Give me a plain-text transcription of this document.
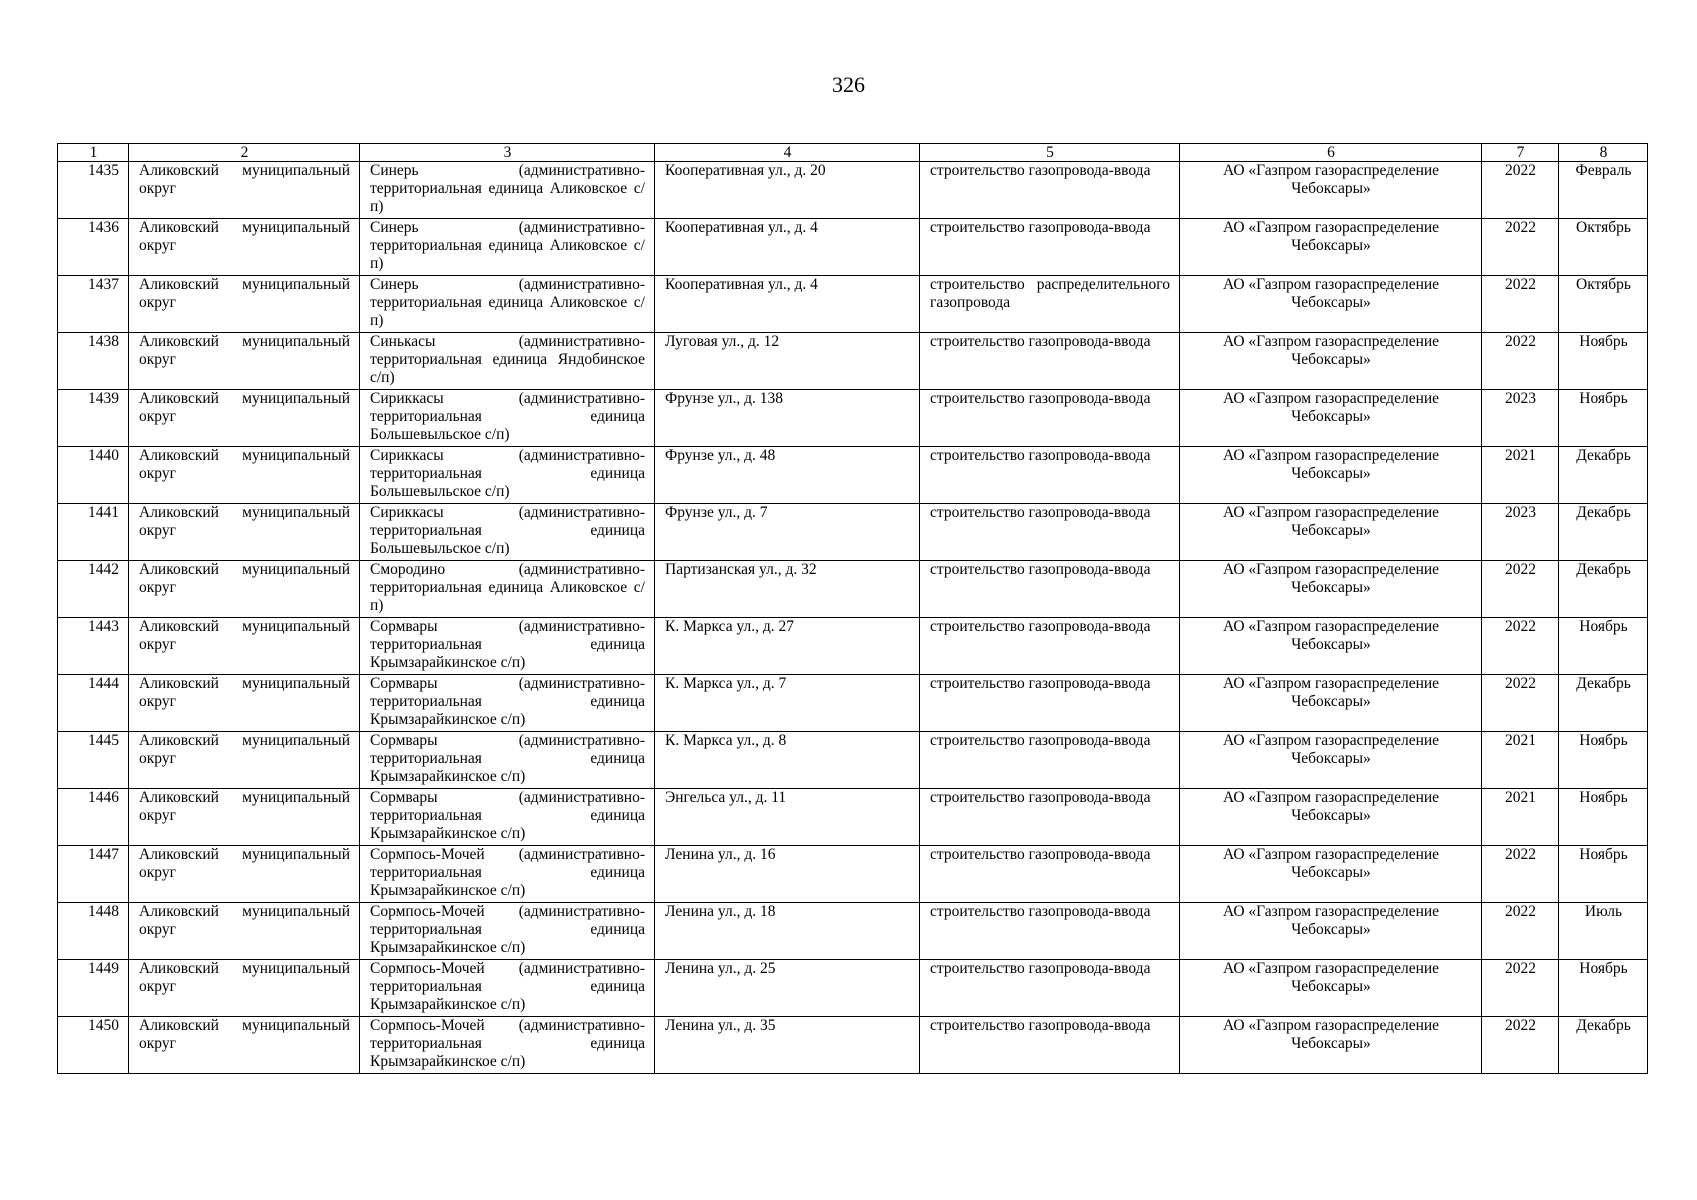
326
1	2	3	4	5	6	7	8
1435	Аликовский муниципальный округ	Синерь (административно-территориальная единица Аликовское с/п)	Кооперативная ул., д. 20	строительство газопровода-ввода	АО «Газпром газораспределение Чебоксары»	2022	Февраль
1436	Аликовский муниципальный округ	Синерь (административно-территориальная единица Аликовское с/п)	Кооперативная ул., д. 4	строительство газопровода-ввода	АО «Газпром газораспределение Чебоксары»	2022	Октябрь
1437	Аликовский муниципальный округ	Синерь (административно-территориальная единица Аликовское с/п)	Кооперативная ул., д. 4	строительство распределительного газопровода	АО «Газпром газораспределение Чебоксары»	2022	Октябрь
1438	Аликовский муниципальный округ	Синькасы (административно-территориальная единица Яндобинское с/п)	Луговая ул., д. 12	строительство газопровода-ввода	АО «Газпром газораспределение Чебоксары»	2022	Ноябрь
1439	Аликовский муниципальный округ	Сириккасы (административно-территориальная единица Большевыльское с/п)	Фрунзе ул., д. 138	строительство газопровода-ввода	АО «Газпром газораспределение Чебоксары»	2023	Ноябрь
1440	Аликовский муниципальный округ	Сириккасы (административно-территориальная единица Большевыльское с/п)	Фрунзе ул., д. 48	строительство газопровода-ввода	АО «Газпром газораспределение Чебоксары»	2021	Декабрь
1441	Аликовский муниципальный округ	Сириккасы (административно-территориальная единица Большевыльское с/п)	Фрунзе ул., д. 7	строительство газопровода-ввода	АО «Газпром газораспределение Чебоксары»	2023	Декабрь
1442	Аликовский муниципальный округ	Смородино (административно-территориальная единица Аликовское с/п)	Партизанская ул., д. 32	строительство газопровода-ввода	АО «Газпром газораспределение Чебоксары»	2022	Декабрь
1443	Аликовский муниципальный округ	Сормвары (административно-территориальная единица Крымзарайкинское с/п)	К. Маркса ул., д. 27	строительство газопровода-ввода	АО «Газпром газораспределение Чебоксары»	2022	Ноябрь
1444	Аликовский муниципальный округ	Сормвары (административно-территориальная единица Крымзарайкинское с/п)	К. Маркса ул., д. 7	строительство газопровода-ввода	АО «Газпром газораспределение Чебоксары»	2022	Декабрь
1445	Аликовский муниципальный округ	Сормвары (административно-территориальная единица Крымзарайкинское с/п)	К. Маркса ул., д. 8	строительство газопровода-ввода	АО «Газпром газораспределение Чебоксары»	2021	Ноябрь
1446	Аликовский муниципальный округ	Сормвары (административно-территориальная единица Крымзарайкинское с/п)	Энгельса ул., д. 11	строительство газопровода-ввода	АО «Газпром газораспределение Чебоксары»	2021	Ноябрь
1447	Аликовский муниципальный округ	Сормпось-Мочей (административно-территориальная единица Крымзарайкинское с/п)	Ленина ул., д. 16	строительство газопровода-ввода	АО «Газпром газораспределение Чебоксары»	2022	Ноябрь
1448	Аликовский муниципальный округ	Сормпось-Мочей (административно-территориальная единица Крымзарайкинское с/п)	Ленина ул., д. 18	строительство газопровода-ввода	АО «Газпром газораспределение Чебоксары»	2022	Июль
1449	Аликовский муниципальный округ	Сормпось-Мочей (административно-территориальная единица Крымзарайкинское с/п)	Ленина ул., д. 25	строительство газопровода-ввода	АО «Газпром газораспределение Чебоксары»	2022	Ноябрь
1450	Аликовский муниципальный округ	Сормпось-Мочей (административно-территориальная единица Крымзарайкинское с/п)	Ленина ул., д. 35	строительство газопровода-ввода	АО «Газпром газораспределение Чебоксары»	2022	Декабрь
